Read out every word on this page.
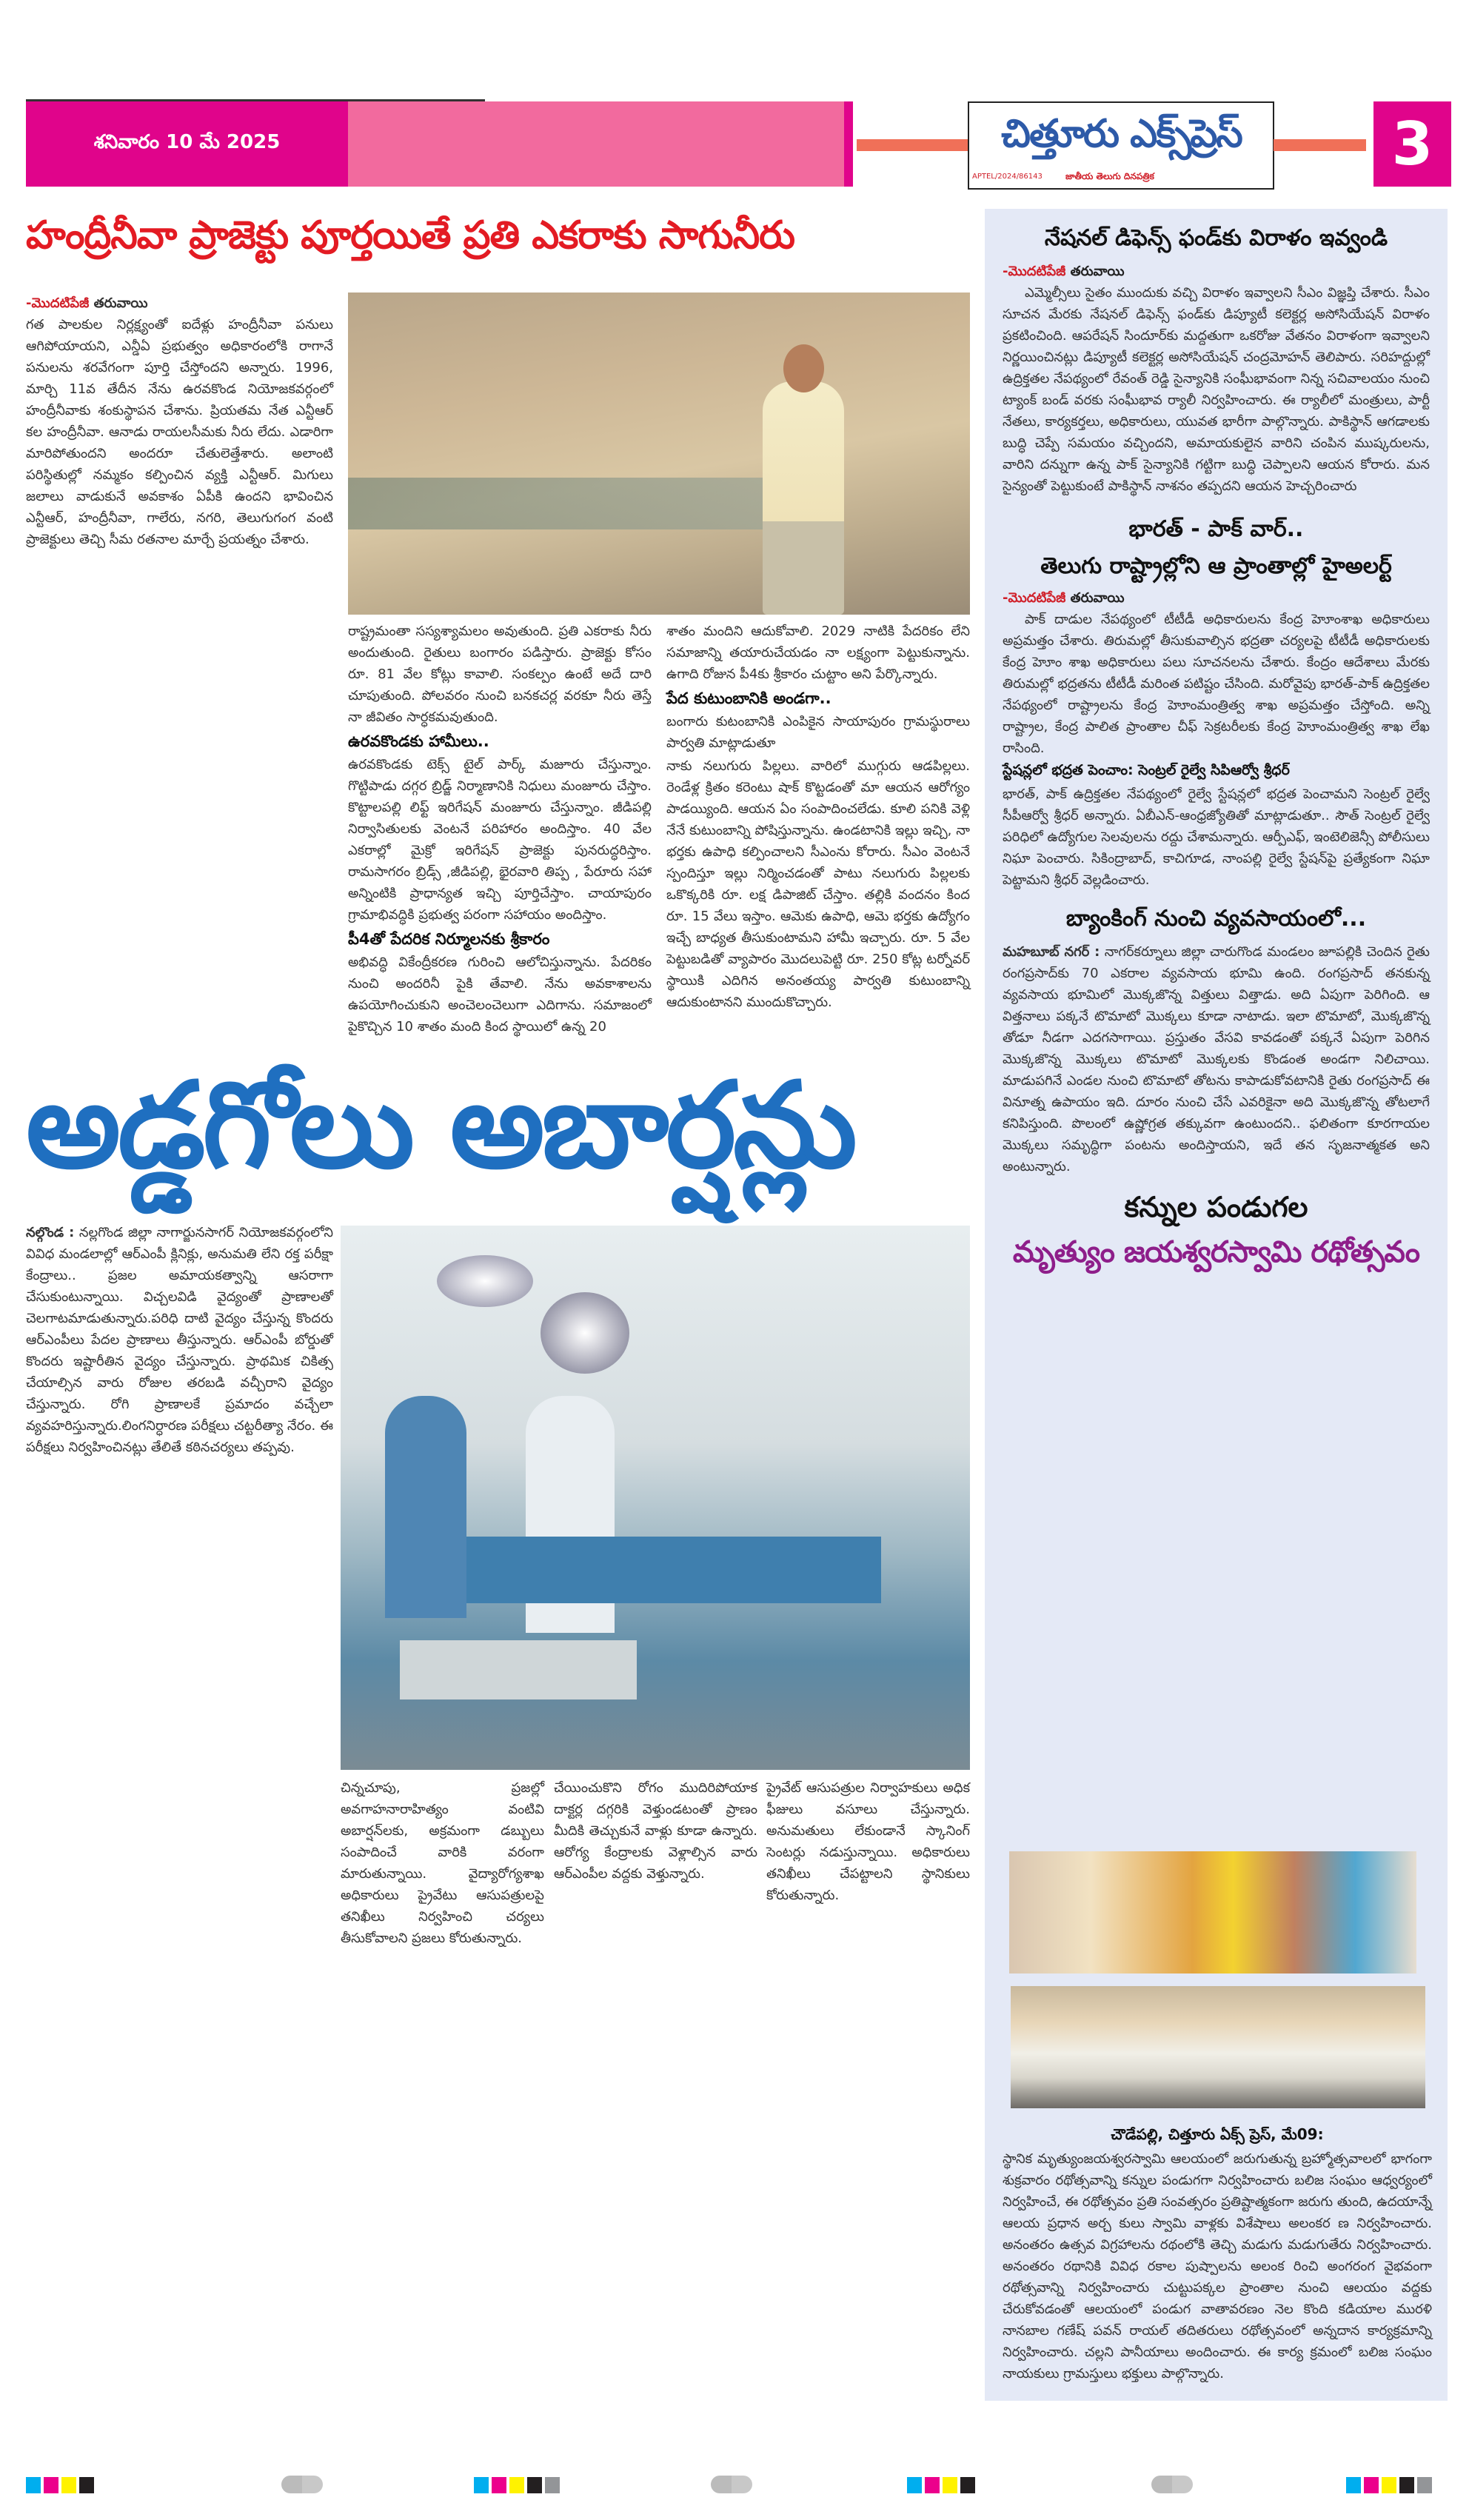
శనివారం 10 మే 2025	చిత్తూరు ఎక్స్‌ప్రెస్
జాతీయ తెలుగు దినపత్రిక
APTEL/2024/86143	3
హంద్రీనీవా ప్రాజెక్టు పూర్తయితే ప్రతి ఎకరాకు సాగునీరు
-మొదటిపేజీ తరువాయి

గత పాలకుల నిర్లక్ష్యంతో ఐదేళ్లు హంద్రీనీవా పనులు ఆగిపోయాయని, ఎన్డీఏ ప్రభుత్వం అధికారంలోకి రాగానే పనులను శరవేగంగా పూర్తి చేస్తోందని అన్నారు. 1996, మార్చి 11వ తేదీన నేను ఉరవకొండ నియోజకవర్గంలో హంద్రీనీవాకు శంకుస్థాపన చేశాను. ప్రియతమ నేత ఎన్టీఆర్ కల హంద్రీనీవా. ఆనాడు రాయలసీమకు నీరు లేదు. ఎడారిగా మారిపోతుందని అందరూ చేతులెత్తేశారు. అలాంటి పరిస్థితుల్లో నమ్మకం కల్పించిన వ్యక్తి ఎన్టీఆర్. మిగులు జలాలు వాడుకునే అవకాశం ఏపీకి ఉందని భావించిన ఎన్టీఆర్, హంద్రీనీవా, గాలేరు, నగరి, తెలుగుగంగ వంటి ప్రాజెక్టులు తెచ్చి సీమ రతనాల మార్చే ప్రయత్నం చేశారు.

రాష్ట్రమంతా సస్యశ్యామలం అవుతుంది. ప్రతి ఎకరాకు నీరు అందుతుంది. రైతులు బంగారం పడిస్తారు. ప్రాజెక్టు కోసం రూ. 81 వేల కోట్లు కావాలి. సంకల్పం ఉంటే అదే దారి చూపుతుంది. పోలవరం నుంచి బనకచర్ల వరకూ నీరు తెస్తే నా జీవితం సార్ధకమవుతుంది.

ఉరవకొండకు హామీలు..

ఉరవకొండకు టెక్స్ టైల్ పార్క్ మజూరు చేస్తున్నాం. గొట్టిపాడు దగ్గర బ్రిడ్జ్ నిర్మాణానికి నిధులు మంజూరు చేస్తాం. కొట్టాలపల్లి లిఫ్ట్ ఇరిగేషన్ మంజూరు చేస్తున్నాం. జీడిపల్లి నిర్వాసితులకు వెంటనే పరిహారం అందిస్తాం. 40 వేల ఎకరాల్లో మైక్రో ఇరిగేషన్ ప్రాజెక్టు పునరుద్ధరిస్తాం. రామసాగరం బ్రిడ్స్ ,జీడిపల్లి, భైరవారి తిప్ప , పేరూరు సహా అన్నింటికి ప్రాధాన్యత ఇచ్చి పూర్తిచేస్తాం. చాయాపురం గ్రామాభివద్ధికి ప్రభుత్వ పరంగా సహాయం అందిస్తాం.

పీ4తో పేదరిక నిర్మూలనకు శ్రీకారం

అభివద్ధి వికేంద్రీకరణ గురించి ఆలోచిస్తున్నాను. పేదరికం నుంచి అందరినీ పైకి తేవాలి. నేను అవకాశాలను ఉపయోగించుకుని అంచెలంచెలుగా ఎదిగాను. సమాజంలో పైకొచ్చిన 10 శాతం మంది కింద స్థాయిలో ఉన్న 20

శాతం మందిని ఆదుకోవాలి. 2029 నాటికి పేదరికం లేని సమాజాన్ని తయారుచేయడం నా లక్ష్యంగా పెట్టుకున్నాను. ఉగాది రోజున పీ4కు శ్రీకారం చుట్టాం అని పేర్కొన్నారు.

పేద కుటుంబానికి అండగా..

బంగారు కుటంబానికి ఎంపికైన సాయాపురం గ్రామస్థురాలు పార్వతి మాట్లాడుతూ

నాకు నలుగురు పిల్లలు. వారిలో ముగ్గురు ఆడపిల్లలు. రెండేళ్ల క్రితం కరెంటు షాక్ కొట్టడంతో మా ఆయన ఆరోగ్యం పాడయ్యింది. ఆయన ఏం సంపాదించలేడు. కూలి పనికి వెళ్లి నేనే కుటుంబాన్ని పోషిస్తున్నాను. ఉండటానికి ఇల్లు ఇచ్చి, నా భర్తకు ఉపాధి కల్పించాలని సీఎంను కోరారు. సీఎం వెంటనే స్పందిస్తూ ఇల్లు నిర్మించడంతో పాటు నలుగురు పిల్లలకు ఒకొక్కరికి రూ. లక్ష డిపాజిట్ చేస్తాం. తల్లికి వందనం కింద రూ. 15 వేలు ఇస్తాం. ఆమెకు ఉపాధి, ఆమె భర్తకు ఉద్యోగం ఇచ్చే బాధ్యత తీసుకుంటామని హామీ ఇచ్చారు. రూ. 5 వేల పెట్టుబడితో వ్యాపారం మొదలుపెట్టి రూ. 250 కోట్ల టర్నోవర్ స్థాయికి ఎదిగిన అనంతయ్య పార్వతి కుటుంబాన్ని ఆదుకుంటానని ముందుకొచ్చారు.

అడ్డగోలు అబార్షన్లు

నల్గొండ : నల్లగొండ జిల్లా నాగార్జునసాగర్ నియోజకవర్గంలోని వివిధ మండలాల్లో ఆర్ఎంపీ క్లినిక్లు, అనుమతి లేని రక్త పరీక్షా కేంద్రాలు.. ప్రజల అమాయకత్వాన్ని ఆసరాగా చేసుకుంటున్నాయి. విచ్చలవిడి వైద్యంతో ప్రాణాలతో చెలగాటమాడుతున్నారు.పరిధి దాటి వైద్యం చేస్తున్న కొందరు ఆర్ఎంపీలు పేదల ప్రాణాలు తీస్తున్నారు. ఆర్ఎంపీ బోర్డుతో కొందరు ఇష్టారీతిన వైద్యం చేస్తున్నారు. ప్రాథమిక చికిత్స చేయాల్సిన వారు రోజుల తరబడి వచ్చీరాని వైద్యం చేస్తున్నారు. రోగి ప్రాణాలకే ప్రమాదం వచ్చేలా వ్యవహరిస్తున్నారు.లింగనిర్ధారణ పరీక్షలు చట్టరీత్యా నేరం. ఈ పరీక్షలు నిర్వహించినట్లు తేలితే కఠినచర్యలు తప్పవు.

చిన్నచూపు, ప్రజల్లో అవగాహనారాహిత్యం వంటివి అబార్షన్‌లకు, అక్రమంగా డబ్బులు సంపాదించే వారికి వరంగా మారుతున్నాయి. వైద్యారోగ్యశాఖ అధికారులు ప్రైవేటు ఆసుపత్రులపై తనిఖీలు నిర్వహించి చర్యలు తీసుకోవాలని ప్రజలు కోరుతున్నారు.

చేయించుకొని రోగం ముదిరిపోయాక దాక్టర్ల దగ్గరికి వెళ్తుండటంతో ప్రాణం మీదికి తెచ్చుకునే వాళ్లు కూడా ఉన్నారు. ఆరోగ్య కేంద్రాలకు వెళ్లాల్సిన వారు ఆర్ఎంపీల వద్దకు వెళ్తున్నారు.

ప్రైవేట్ ఆసుపత్రుల నిర్వాహకులు అధిక ఫీజులు వసూలు చేస్తున్నారు. అనుమతులు లేకుండానే స్కానింగ్ సెంటర్లు నడుస్తున్నాయి. అధికారులు తనిఖీలు చేపట్టాలని స్థానికులు కోరుతున్నారు.

నేషనల్ డిఫెన్స్ ఫండ్‌కు విరాళం ఇవ్వండి
-మొదటిపేజీ తరువాయి

ఎమ్మెల్సీలు సైతం ముందుకు వచ్చి విరాళం ఇవ్వాలని సీఎం విజ్ఞప్తి చేశారు. సీఎం సూచన మేరకు నేషనల్ డిఫెన్స్ ఫండ్‌కు డిప్యూటీ కలెక్టర్ల అసోసియేషన్ విరాళం ప్రకటించింది. ఆపరేషన్ సిందూర్‌కు మద్దతుగా ఒకరోజు వేతనం విరాళంగా ఇవ్వాలని నిర్ణయించినట్లు డిప్యూటీ కలెక్టర్ల అసోసియేషన్ చంద్రమోహన్ తెలిపారు. సరిహద్దుల్లో ఉద్రిక్తతల నేపథ్యంలో రేవంత్ రెడ్డి సైన్యానికి సంఘీభావంగా నిన్న సచివాలయం నుంచి ట్యాంక్ బండ్ వరకు సంఘీభావ ర్యాలీ నిర్వహించారు. ఈ ర్యాలీలో మంత్రులు, పార్టీ నేతలు, కార్యకర్తలు, అధికారులు, యువత భారీగా పాల్గొన్నారు. పాకిస్థాన్ ఆగడాలకు బుద్ధి చెప్పే సమయం వచ్చిందని, అమాయకులైన వారిని చంపిన ముష్కరులను, వారిని దన్నుగా ఉన్న పాక్ సైన్యానికి గట్టిగా బుద్ధి చెప్పాలని ఆయన కోరారు. మన సైన్యంతో పెట్టుకుంటే పాకిస్థాన్ నాశనం తప్పదని ఆయన హెచ్చరించారు

భారత్ - పాక్ వార్..
తెలుగు రాష్ట్రాల్లోని ఆ ప్రాంతాల్లో హైఅలర్ట్
-మొదటిపేజీ తరువాయి

పాక్ దాడుల నేపథ్యంలో టీటీడీ అధికారులను కేంద్ర హెూంశాఖ అధికారులు అప్రమత్తం చేశారు. తిరుమల్లో తీసుకువాల్సిన భద్రతా చర్యలపై టీటీడీ అధికారులకు కేంద్ర హెూం శాఖ అధికారులు పలు సూచనలను చేశారు. కేంద్రం ఆదేశాలు మేరకు తిరుమల్లో భద్రతను టీటీడీ మరింత పటిష్టం చేసింది. మరోవైపు భారత్-పాక్ ఉద్రిక్తతల నేపథ్యంలో రాష్ట్రాలను కేంద్ర హెూంమంత్రిత్వ శాఖ అప్రమత్తం చేస్తోంది. అన్ని రాష్ట్రాల, కేంద్ర పాలిత ప్రాంతాల చీఫ్ సెక్రటరీలకు కేంద్ర హెూంమంత్రిత్వ శాఖ లేఖ రాసింది.

స్టేషన్లలో భద్రత పెంచాం: సెంట్రల్ రైల్వే సిపిఆర్వో శ్రీధర్

భారత్, పాక్ ఉద్రిక్తతల నేపథ్యంలో రైల్వే స్టేషన్లలో భద్రత పెంచామని సెంట్రల్ రైల్వే సీపీఆర్వో శ్రీధర్ అన్నారు. ఏబీఎన్-ఆంధ్రజ్యోతితో మాట్లాడుతూ.. సౌత్ సెంట్రల్ రైల్వే పరిధిలో ఉద్యోగుల సెలవులను రద్దు చేశామన్నారు. ఆర్పీఎఫ్, ఇంటెలిజెన్సీ పోలీసులు నిఘా పెంచారు. సికింద్రాబాద్, కాచిగూడ, నాంపల్లి రైల్వే స్టేషన్‌పై ప్రత్యేకంగా నిఘా పెట్టామని శ్రీధర్ వెల్లడించారు.

బ్యాంకింగ్ నుంచి వ్యవసాయంలో...

మహబూబ్ నగర్ : నాగర్‌కర్నూలు జిల్లా చారుగొండ మండలం జూపల్లికి చెందిన రైతు రంగప్రసాద్‌కు 70 ఎకరాల వ్యవసాయ భూమి ఉంది. రంగప్రసాద్ తనకున్న వ్యవసాయ భూమిలో మొక్కజొన్న విత్తులు విత్తాడు. అది ఏపుగా పెరిగింది. ఆ విత్తనాలు పక్కనే టొమాటో మొక్కలు కూడా నాటాడు. ఇలా టొమాటో, మొక్కజొన్న తోడూ నీడగా ఎదగసాగాయి. ప్రస్తుతం వేసవి కావడంతో పక్కనే ఏపుగా పెరిగిన మొక్కజొన్న మొక్కలు టొమాటో మొక్కలకు కొండంత అండగా నిలిచాయి. మాడుపగినే ఎండల నుంచి టొమాటో తోటను కాపాడుకోవటానికి రైతు రంగప్రసాద్ ఈ వినూత్న ఉపాయం ఇది. దూరం నుంచి చేసే ఎవరికైనా అది మొక్కజొన్న తోటలాగే కనిపిస్తుంది. పొలంలో ఉష్ణోగ్రత తక్కువగా ఉంటుందని.. ఫలితంగా కూరగాయల మొక్కలు సమృద్ధిగా పంటను అందిస్తాయని, ఇదే తన సృజనాత్మకత అని అంటున్నారు.

కన్నుల పండుగల
మృత్యుం జయశ్వరస్వామి రథోత్సవం
చౌడేపల్లి, చిత్తూరు ఏక్స్ ప్రెస్, మే09:

స్థానిక మృత్యుంజయశ్వరస్వామి ఆలయంలో జరుగుతున్న బ్రహ్మోత్సవాలలో భాగంగా శుక్రవారం రథోత్సవాన్ని కన్నుల పండుగగా నిర్వహించారు బలిజ సంఘం ఆధ్వర్యంలో నిర్వహించే, ఈ రథోత్సవం ప్రతి సంవత్సరం ప్రతిష్టాత్మకంగా జరుగు తుంది, ఉదయాన్నే ఆలయ ప్రధాన అర్చ కులు స్వామి వాళ్లకు విశేషాలు అలంకర ణ నిర్వహించారు. అనంతరం ఉత్సవ విగ్రహాలను రథంలోకి తెచ్చి మడుగు మడుగుతేరు నిర్వహించారు. అనంతరం రథానికి వివిధ రకాల పుష్పాలను అలంక రించి అంగరంగ వైభవంగా రథోత్సవాన్ని నిర్వహించారు చుట్టుపక్కల ప్రాంతాల నుంచి ఆలయం వద్దకు చేరుకోవడంతో ఆలయంలో పండుగ వాతావరణం నెల కొంది కడియాల మురళి నానబాల గణేష్ పవన్ రాయల్ తదితరులు రథోత్సవంలో అన్నదాన కార్యక్రమాన్ని నిర్వహించారు. చల్లని పానీయాలు అందించారు. ఈ కార్య క్రమంలో బలిజ సంఘం నాయకులు గ్రామస్తులు భక్తులు పాల్గొన్నారు.
